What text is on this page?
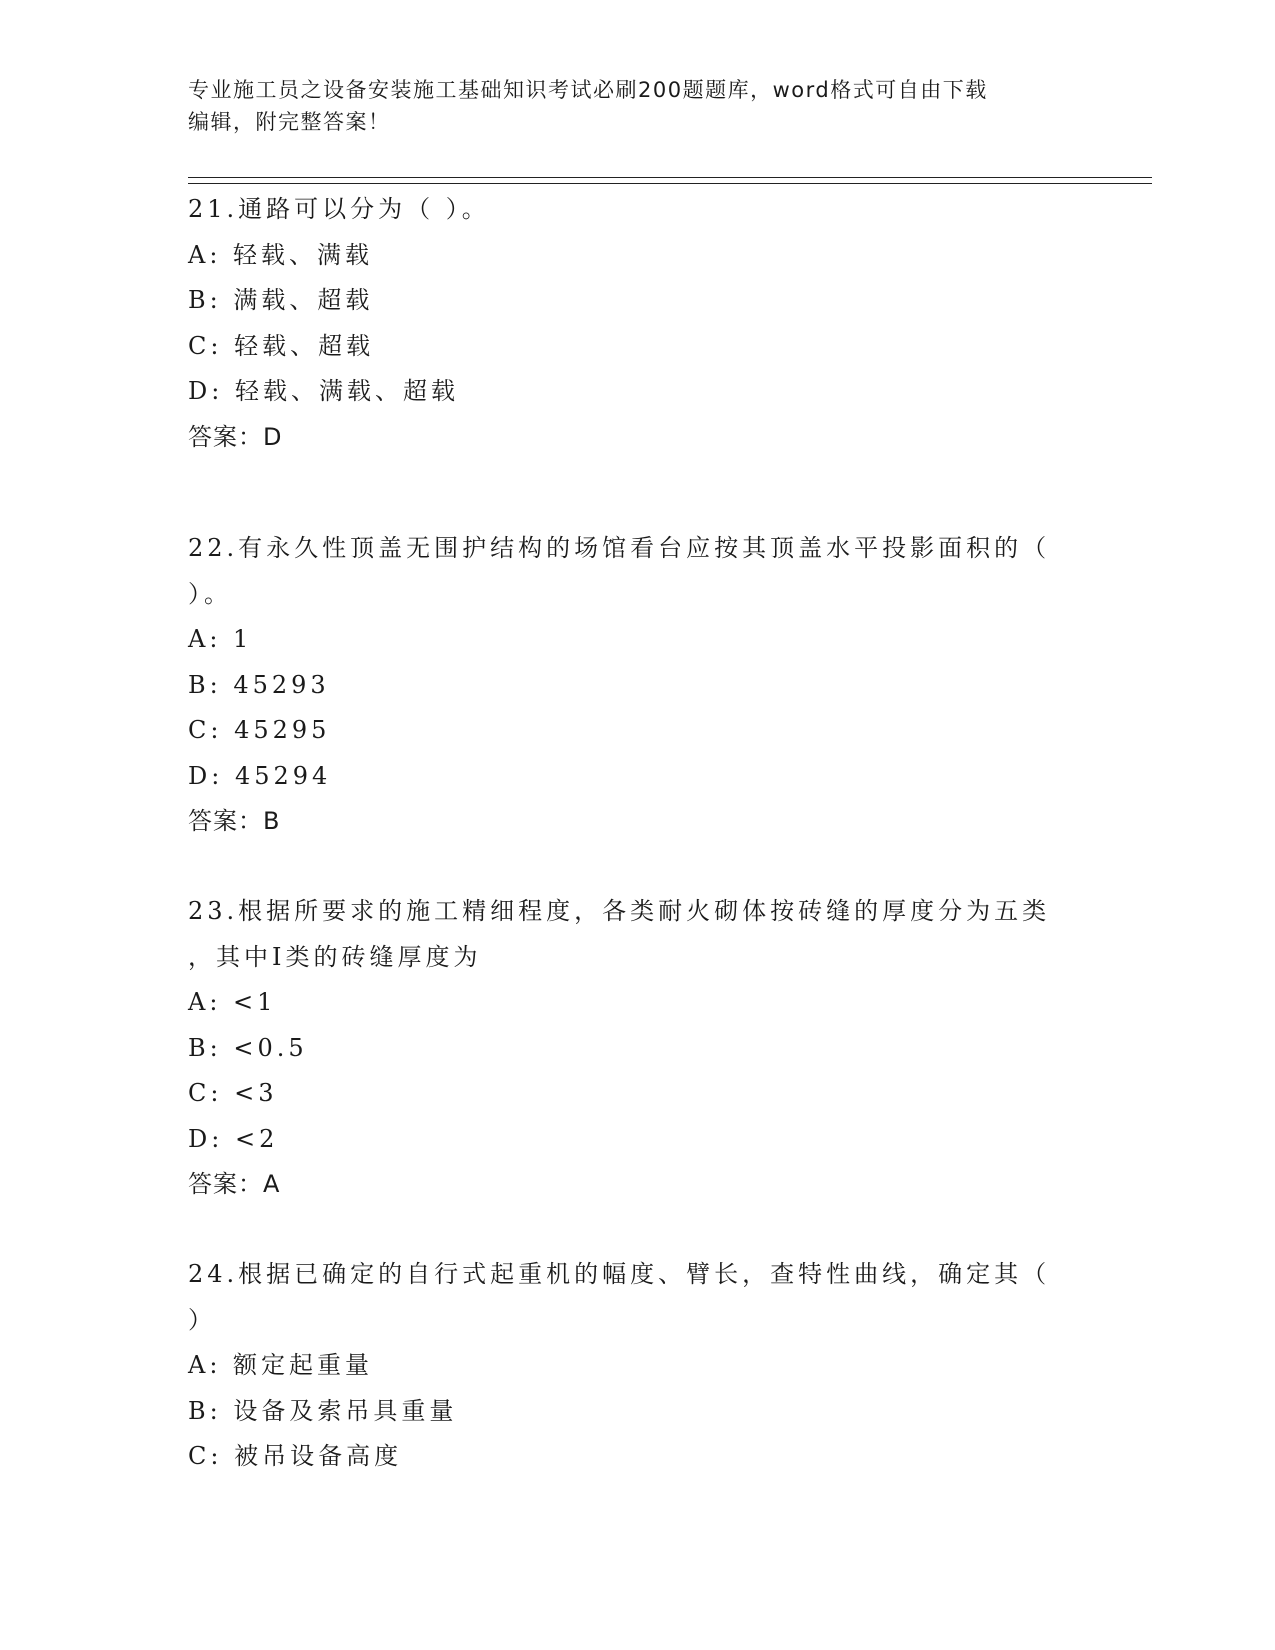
专业施工员之设备安装施工基础知识考试必刷200题题库，word格式可自由下载
编辑，附完整答案！
21.通路可以分为（ ）。
A: 轻载、满载
B: 满载、超载
C: 轻载、超载
D: 轻载、满载、超载
答案：D
22.有永久性顶盖无围护结构的场馆看台应按其顶盖水平投影面积的（
）。
A: 1
B: 45293
C: 45295
D: 45294
答案：B
23.根据所要求的施工精细程度，各类耐火砌体按砖缝的厚度分为五类
，其中Ⅰ类的砖缝厚度为
A: <1
B: <0.5
C: <3
D: <2
答案：A
24.根据已确定的自行式起重机的幅度、臂长，查特性曲线，确定其（
）
A: 额定起重量
B: 设备及索吊具重量
C: 被吊设备高度
